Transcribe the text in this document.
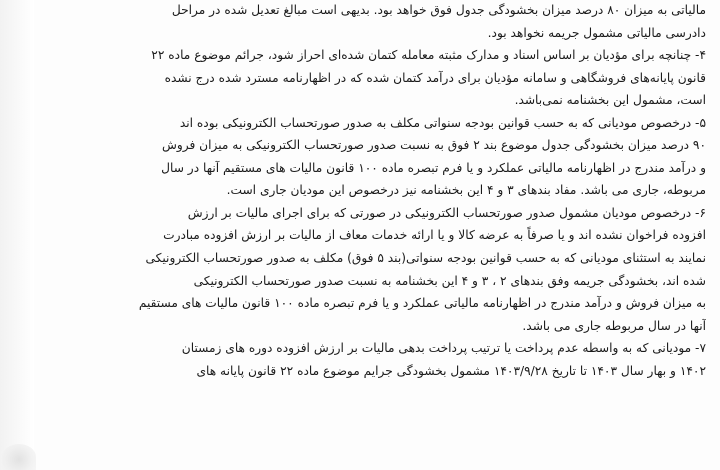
مالیاتی به میزان ۸۰ درصد میزان بخشودگی جدول فوق خواهد بود. بدیهی است مبالغ تعدیل شده در مراحل
دادرسی مالیاتی مشمول جریمه نخواهد بود.
۴- چنانچه برای مؤدیان بر اساس اسناد و مدارک مثبته معامله کتمان شده‌ای احراز شود، جرائم موضوع ماده ۲۲
قانون پایانه‌های فروشگاهی و سامانه مؤدیان برای درآمد کتمان شده که در اظهارنامه مسترد شده درج نشده
است، مشمول این بخشنامه نمی‌باشد.
۵- درخصوص مودیانی که به حسب قوانین بودجه سنواتی مکلف به صدور صورتحساب الکترونیکی بوده اند
۹۰ درصد میزان بخشودگی جدول موضوع بند ۲ فوق به نسبت صدور صورتحساب الکترونیکی به میزان فروش
و درآمد مندرج در اظهارنامه مالیاتی عملکرد و یا فرم تبصره ماده ۱۰۰ قانون مالیات های مستقیم آنها در سال
مربوطه، جاری می باشد. مفاد بندهای ۳ و ۴ این بخشنامه نیز درخصوص این مودیان جاری است.
۶- درخصوص مودیان مشمول صدور صورتحساب الکترونیکی در صورتی که برای اجرای مالیات بر ارزش
افزوده فراخوان نشده اند و یا صرفاً به عرضه کالا و یا ارائه خدمات معاف از مالیات بر ارزش افزوده مبادرت
نمایند به استثنای مودیانی که به حسب قوانین بودجه سنواتی(بند ۵ فوق) مکلف به صدور صورتحساب الکترونیکی
شده اند، بخشودگی جریمه وفق بندهای ۲ ، ۳ و ۴ این بخشنامه به نسبت صدور صورتحساب الکترونیکی
به میزان فروش و درآمد مندرج در اظهارنامه مالیاتی عملکرد و یا فرم تبصره ماده ۱۰۰ قانون مالیات های مستقیم
آنها در سال مربوطه جاری می باشد.
۷- مودیانی که به واسطه عدم پرداخت یا ترتیب پرداخت بدهی مالیات بر ارزش افزوده دوره های زمستان
۱۴۰۲ و بهار سال ۱۴۰۳ تا تاریخ ۱۴۰۳/۹/۲۸ مشمول بخشودگی جرایم موضوع ماده ۲۲ قانون پایانه های
